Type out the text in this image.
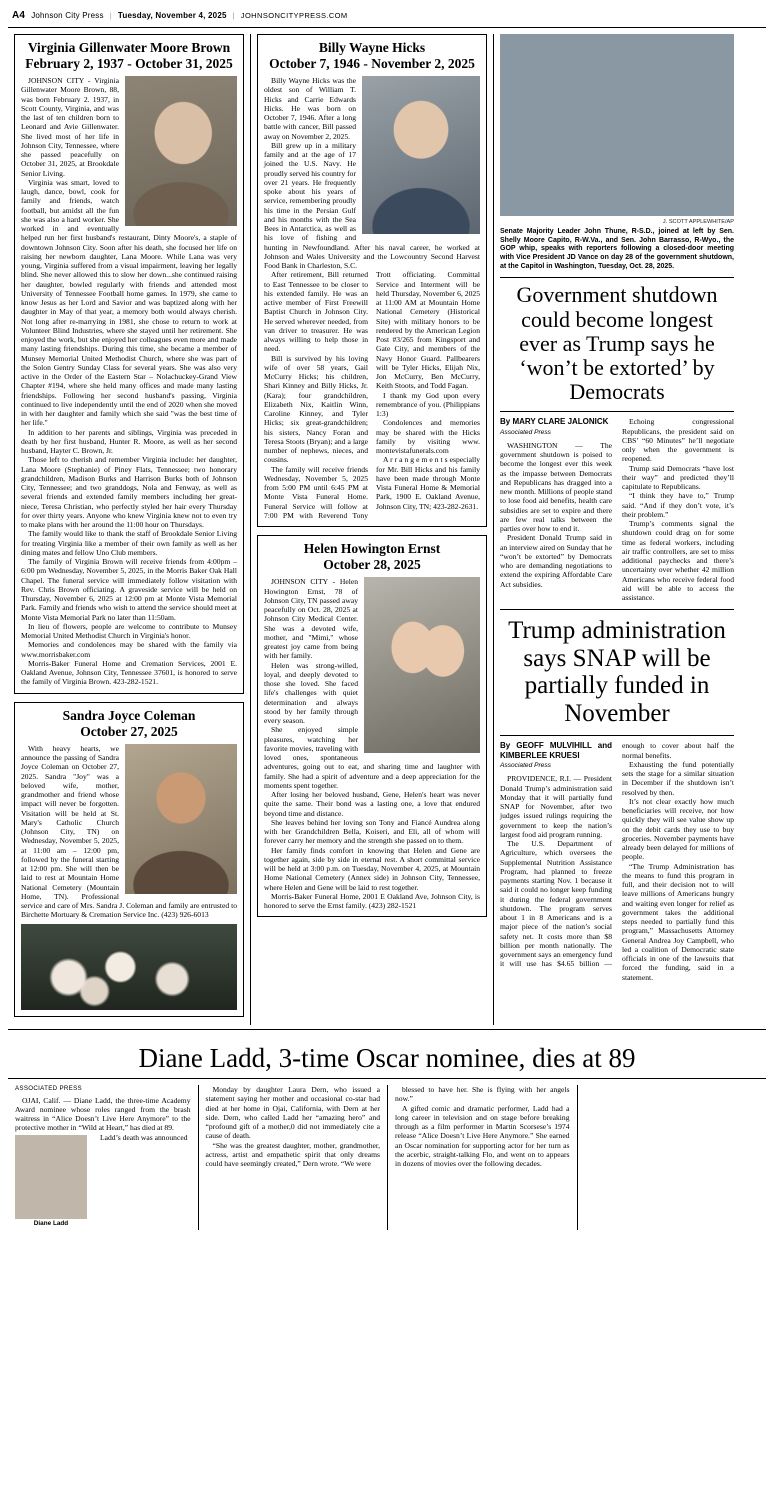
A4 Johnson City Press | Tuesday, November 4, 2025 | JOHNSONCITYPRESS.COM
Virginia Gillenwater Moore Brown
February 2, 1937 - October 31, 2025

JOHNSON CITY - Virginia Gillenwater Moore Brown, 88, was born February 2. 1937, in Scott County, Virginia, and was the last of ten children born to Leonard and Avie Gillenwater. She lived most of her life in Johnson City, Tennessee, where she passed peacefully on October 31, 2025, at Brookdale Senior Living.

Virginia was smart, loved to laugh, dance, bowl, cook for family and friends, watch football, but amidst all the fun she was also a hard worker. She worked in and eventually helped run her first husband's restaurant, Dinty Moore's, a staple of downtown Johnson City. Soon after his death, she focused her life on raising her newborn daughter, Lana Moore. While Lana was very young, Virginia suffered from a visual impairment, leaving her legally blind. She never allowed this to slow her down...she continued raising her daughter, bowled regularly with friends and attended most University of Tennessee Football home games. In 1979, she came to know Jesus as her Lord and Savior and was baptized along with her daughter in May of that year, a memory both would always cherish. Not long after re-marrying in 1981, she chose to return to work at Volunteer Blind Industries, where she stayed until her retirement. She enjoyed the work, but she enjoyed her colleagues even more and made many lasting friendships. During this time, she became a member of Munsey Memorial United Methodist Church, where she was part of the Solon Gentry Sunday Class for several years. She was also very active in the Order of the Eastern Star – Nolachuckey-Grand View Chapter #194, where she held many offices and made many lasting friendships. Following her second husband's passing, Virginia continued to live independently until the end of 2020 when she moved in with her daughter and family which she said "was the best time of her life."

In addition to her parents and siblings, Virginia was preceded in death by her first husband, Hunter R. Moore, as well as her second husband, Hayter C. Brown, Jr.

Those left to cherish and remember Virginia include: her daughter, Lana Moore (Stephanie) of Piney Flats, Tennessee; two honorary grandchildren, Madison Burks and Harrison Burks both of Johnson City, Tennessee; and two granddogs, Nola and Fenway, as well as several friends and extended family members including her great-niece, Teresa Christian, who perfectly styled her hair every Thursday for over thirty years. Anyone who knew Virginia knew not to even try to make plans with her around the 11:00 hour on Thursdays.

The family would like to thank the staff of Brookdale Senior Living for treating Virginia like a member of their own family as well as her dining mates and fellow Uno Club members.

The family of Virginia Brown will receive friends from 4:00pm – 6:00 pm Wednesday, November 5, 2025, in the Morris Baker Oak Hall Chapel. The funeral service will immediately follow visitation with Rev. Chris Brown officiating. A graveside service will be held on Thursday, November 6, 2025 at 12:00 pm at Monte Vista Memorial Park. Family and friends who wish to attend the service should meet at Monte Vista Memorial Park no later than 11:50am.

In lieu of flowers, people are welcome to contribute to Munsey Memorial United Methodist Church in Virginia's honor.

Memories and condolences may be shared with the family via www.morrisbaker.com

Morris-Baker Funeral Home and Cremation Services, 2001 E. Oakland Avenue, Johnson City, Tennessee 37601, is honored to serve the family of Virginia Brown. 423-282-1521.

Sandra Joyce Coleman
October 27, 2025

With heavy hearts, we announce the passing of Sandra Joyce Coleman on October 27, 2025. Sandra "Joy" was a beloved wife, mother, grandmother and friend whose impact will never be forgotten. Visitation will be held at St. Mary's Catholic Church (Johnson City, TN) on Wednesday, November 5, 2025, at 11:00 am – 12:00 pm, followed by the funeral starting at 12:00 pm. She will then be laid to rest at Mountain Home National Cemetery (Mountain Home, TN). Professional service and care of Mrs. Sandra J. Coleman and family are entrusted to Birchette Mortuary & Cremation Service Inc. (423) 926-6013

Billy Wayne Hicks
October 7, 1946 - November 2, 2025

Billy Wayne Hicks was the oldest son of William T. Hicks and Carrie Edwards Hicks. He was born on October 7, 1946. After a long battle with cancer, Bill passed away on November 2, 2025.

Bill grew up in a military family and at the age of 17 joined the U.S. Navy. He proudly served his country for over 21 years. He frequently spoke about his years of service, remembering proudly his time in the Persian Gulf and his months with the Sea Bees in Antarctica, as well as his love of fishing and hunting in Newfoundland. After his naval career, he worked at Johnson and Wales University and the Lowcountry Second Harvest Food Bank in Charleston, S.C.

After retirement, Bill returned to East Tennessee to be closer to his extended family. He was an active member of First Freewill Baptist Church in Johnson City. He served wherever needed, from van driver to treasurer. He was always willing to help those in need.

Bill is survived by his loving wife of over 58 years, Gail McCurry Hicks; his children, Shari Kinney and Billy Hicks, Jr. (Kara); four grandchildren, Elizabeth Nix, Kaitlin Winn, Caroline Kinney, and Tyler Hicks; six great-grandchildren; his sisters, Nancy Foran and Teresa Stoots (Bryan); and a large number of nephews, nieces, and cousins.

The family will receive friends Wednesday, November 5, 2025 from 5:00 PM until 6:45 PM at Monte Vista Funeral Home. Funeral Service will follow at 7:00 PM with Reverend Tony Trott officiating. Committal Service and Interment will be held Thursday, November 6, 2025 at 11:00 AM at Mountain Home National Cemetery (Historical Site) with military honors to be rendered by the American Legion Post #3/265 from Kingsport and Gate City, and members of the Navy Honor Guard. Pallbearers will be Tyler Hicks, Elijah Nix, Jon McCurry, Ben McCurry, Keith Stoots, and Todd Fagan.

I thank my God upon every remembrance of you. (Philippians 1:3)

Condolences and memories may be shared with the Hicks family by visiting www. montevistafunerals.com

A r r a n g e m e n t s especially for Mr. Bill Hicks and his family have been made through Monte Vista Funeral Home & Memorial Park, 1900 E. Oakland Avenue, Johnson City, TN; 423-282-2631.

Helen Howington Ernst
October 28, 2025

JOHNSON CITY - Helen Howington Ernst, 78 of Johnson City, TN passed away peacefully on Oct. 28, 2025 at Johnson City Medical Center. She was a devoted wife, mother, and "Mimi," whose greatest joy came from being with her family.

Helen was strong-willed, loyal, and deeply devoted to those she loved. She faced life's challenges with quiet determination and always stood by her family through every season.

She enjoyed simple pleasures, watching her favorite movies, traveling with loved ones, spontaneous adventures, going out to eat, and sharing time and laughter with family. She had a spirit of adventure and a deep appreciation for the moments spent together.

After losing her beloved husband, Gene, Helen's heart was never quite the same. Their bond was a lasting one, a love that endured beyond time and distance.

She leaves behind her loving son Tony and Fiancé Aundrea along with her Grandchildren Bella, Koiseri, and Eli, all of whom will forever carry her memory and the strength she passed on to them.

Her family finds comfort in knowing that Helen and Gene are together again, side by side in eternal rest. A short committal service will be held at 3:00 p.m. on Tuesday, November 4, 2025, at Mountain Home National Cemetery (Annex side) in Johnson City, Tennessee, where Helen and Gene will be laid to rest together.

Morris-Baker Funeral Home, 2001 E Oakland Ave, Johnson City, is honored to serve the Ernst family. (423) 282-1521

J. SCOTT APPLEWHITE/AP
Senate Majority Leader John Thune, R-S.D., joined at left by Sen. Shelly Moore Capito, R-W.Va., and Sen. John Barrasso, R-Wyo., the GOP whip, speaks with reporters following a closed-door meeting with Vice President JD Vance on day 28 of the government shutdown, at the Capitol in Washington, Tuesday, Oct. 28, 2025.
Government shutdown could become longest ever as Trump says he ‘won’t be extorted’ by Democrats
By MARY CLARE JALONICK
Associated Press

WASHINGTON — The government shutdown is poised to become the longest ever this week as the impasse between Democrats and Republicans has dragged into a new month. Millions of people stand to lose food aid benefits, health care subsidies are set to expire and there are few real talks between the parties over how to end it.

President Donald Trump said in an interview aired on Sunday that he “won’t be extorted” by Democrats who are demanding negotiations to extend the expiring Affordable Care Act subsidies.

Echoing congressional Republicans, the president said on CBS’ “60 Minutes” he’ll negotiate only when the government is reopened.

Trump said Democrats “have lost their way” and predicted they’ll capitulate to Republicans.

“I think they have to,” Trump said. “And if they don’t vote, it’s their problem.”

Trump’s comments signal the shutdown could drag on for some time as federal workers, including air traffic controllers, are set to miss additional paychecks and there’s uncertainty over whether 42 million Americans who receive federal food aid will be able to access the assistance.

Trump administration says SNAP will be partially funded in November
By GEOFF MULVIHILL and KIMBERLEE KRUESI
Associated Press

PROVIDENCE, R.I. — President Donald Trump’s administration said Monday that it will partially fund SNAP for November, after two judges issued rulings requiring the government to keep the nation’s largest food aid program running.

The U.S. Department of Agriculture, which oversees the Supplemental Nutrition Assistance Program, had planned to freeze payments starting Nov. 1 because it said it could no longer keep funding it during the federal government shutdown. The program serves about 1 in 8 Americans and is a major piece of the nation’s social safety net. It costs more than $8 billion per month nationally. The government says an emergency fund it will use has $4.65 billion — enough to cover about half the normal benefits.

Exhausting the fund potentially sets the stage for a similar situation in December if the shutdown isn’t resolved by then.

It’s not clear exactly how much beneficiaries will receive, nor how quickly they will see value show up on the debit cards they use to buy groceries. November payments have already been delayed for millions of people.

“The Trump Administration has the means to fund this program in full, and their decision not to will leave millions of Americans hungry and waiting even longer for relief as government takes the additional steps needed to partially fund this program,” Massachusetts Attorney General Andrea Joy Campbell, who led a coalition of Democratic state officials in one of the lawsuits that forced the funding, said in a statement.

Diane Ladd, 3-time Oscar nominee, dies at 89
ASSOCIATED PRESS

OJAI, Calif. — Diane Ladd, the three-time Academy Award nominee whose roles ranged from the brash waitress in “Alice Doesn’t Live Here Anymore” to the protective mother in “Wild at Heart,” has died at 89.

Diane Ladd

Ladd’s death was announced

Monday by daughter Laura Dern, who issued a statement saying her mother and occasional co-star had died at her home in Ojai, California, with Dern at her side. Dern, who called Ladd her “amazing hero” and “profound gift of a mother,0 did not immediately cite a cause of death.

“She was the greatest daughter, mother, grandmother, actress, artist and empathetic spirit that only dreams could have seemingly created,” Dern wrote. “We were

blessed to have her. She is flying with her angels now.”

A gifted comic and dramatic performer, Ladd had a long career in television and on stage before breaking through as a film performer in Martin Scorsese’s 1974 release “Alice Doesn’t Live Here Anymore.” She earned an Oscar nomination for supporting actor for her turn as the acerbic, straight-talking Flo, and went on to appears in dozens of movies over the following decades.
